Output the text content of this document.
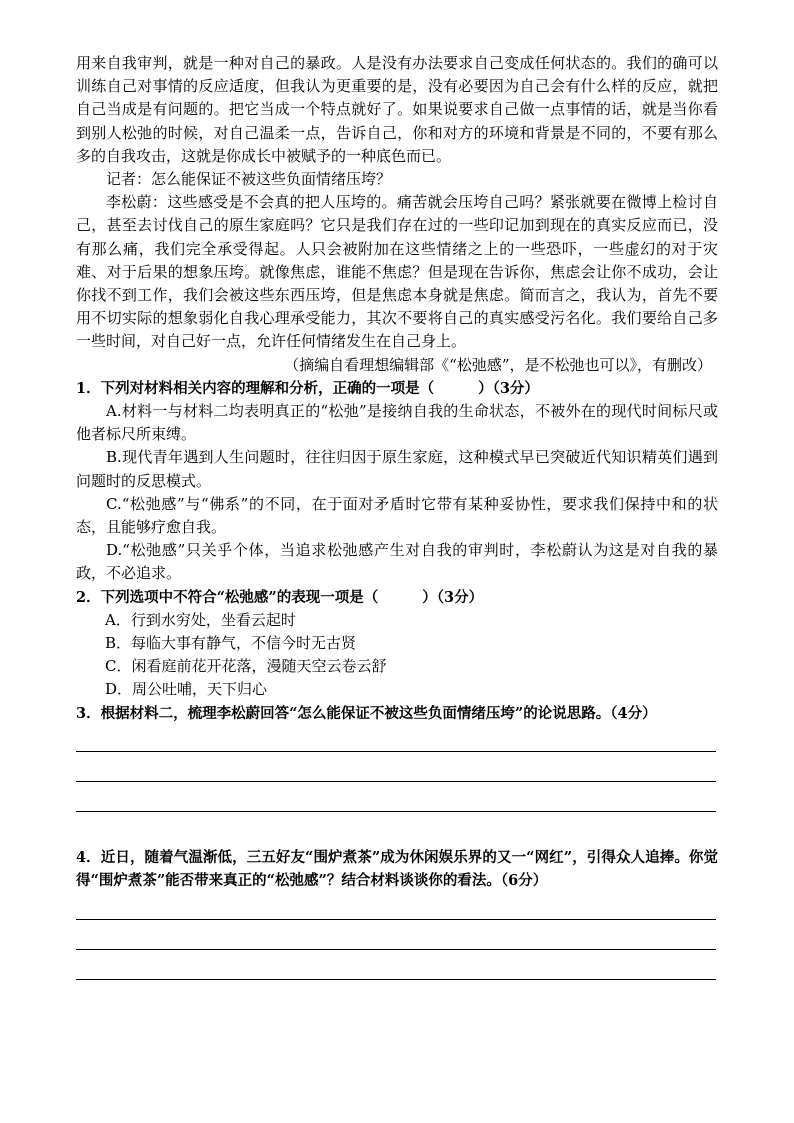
用来自我审判，就是一种对自己的暴政。人是没有办法要求自己变成任何状态的。我们的确可以训练自己对事情的反应适度，但我认为更重要的是，没有必要因为自己会有什么样的反应，就把自己当成是有问题的。把它当成一个特点就好了。如果说要求自己做一点事情的话，就是当你看到别人松弛的时候，对自己温柔一点，告诉自己，你和对方的环境和背景是不同的，不要有那么多的自我攻击，这就是你成长中被赋予的一种底色而已。

记者：怎么能保证不被这些负面情绪压垮？

李松蔚：这些感受是不会真的把人压垮的。痛苦就会压垮自己吗？紧张就要在微博上检讨自己，甚至去讨伐自己的原生家庭吗？它只是我们存在过的一些印记加到现在的真实反应而已，没有那么痛，我们完全承受得起。人只会被附加在这些情绪之上的一些恐吓，一些虚幻的对于灾难、对于后果的想象压垮。就像焦虑，谁能不焦虑？但是现在告诉你，焦虑会让你不成功，会让你找不到工作，我们会被这些东西压垮，但是焦虑本身就是焦虑。简而言之，我认为，首先不要用不切实际的想象弱化自我心理承受能力，其次不要将自己的真实感受污名化。我们要给自己多一些时间，对自己好一点，允许任何情绪发生在自己身上。

（摘编自看理想编辑部《“松弛感”，是不松弛也可以》，有删改）

1．下列对材料相关内容的理解和分析，正确的一项是（	）（3分）

A.材料一与材料二均表明真正的“松弛”是接纳自我的生命状态，不被外在的现代时间标尺或他者标尺所束缚。

B.现代青年遇到人生问题时，往往归因于原生家庭，这种模式早已突破近代知识精英们遇到问题时的反思模式。

C.“松弛感”与“佛系”的不同，在于面对矛盾时它带有某种妥协性，要求我们保持中和的状态，且能够疗愈自我。

D.“松弛感”只关乎个体，当追求松弛感产生对自我的审判时，李松蔚认为这是对自我的暴政，不必追求。

2．下列选项中不符合“松弛感”的表现一项是（	）（3分）

A．行到水穷处，坐看云起时

B．每临大事有静气，不信今时无古贤

C．闲看庭前花开花落，漫随天空云卷云舒

D．周公吐哺，天下归心

3．根据材料二，梳理李松蔚回答“怎么能保证不被这些负面情绪压垮”的论说思路。（4分）

4．近日，随着气温渐低，三五好友“围炉煮茶”成为休闲娱乐界的又一“网红”，引得众人追捧。你觉得“围炉煮茶”能否带来真正的“松弛感”？结合材料谈谈你的看法。（6分）
